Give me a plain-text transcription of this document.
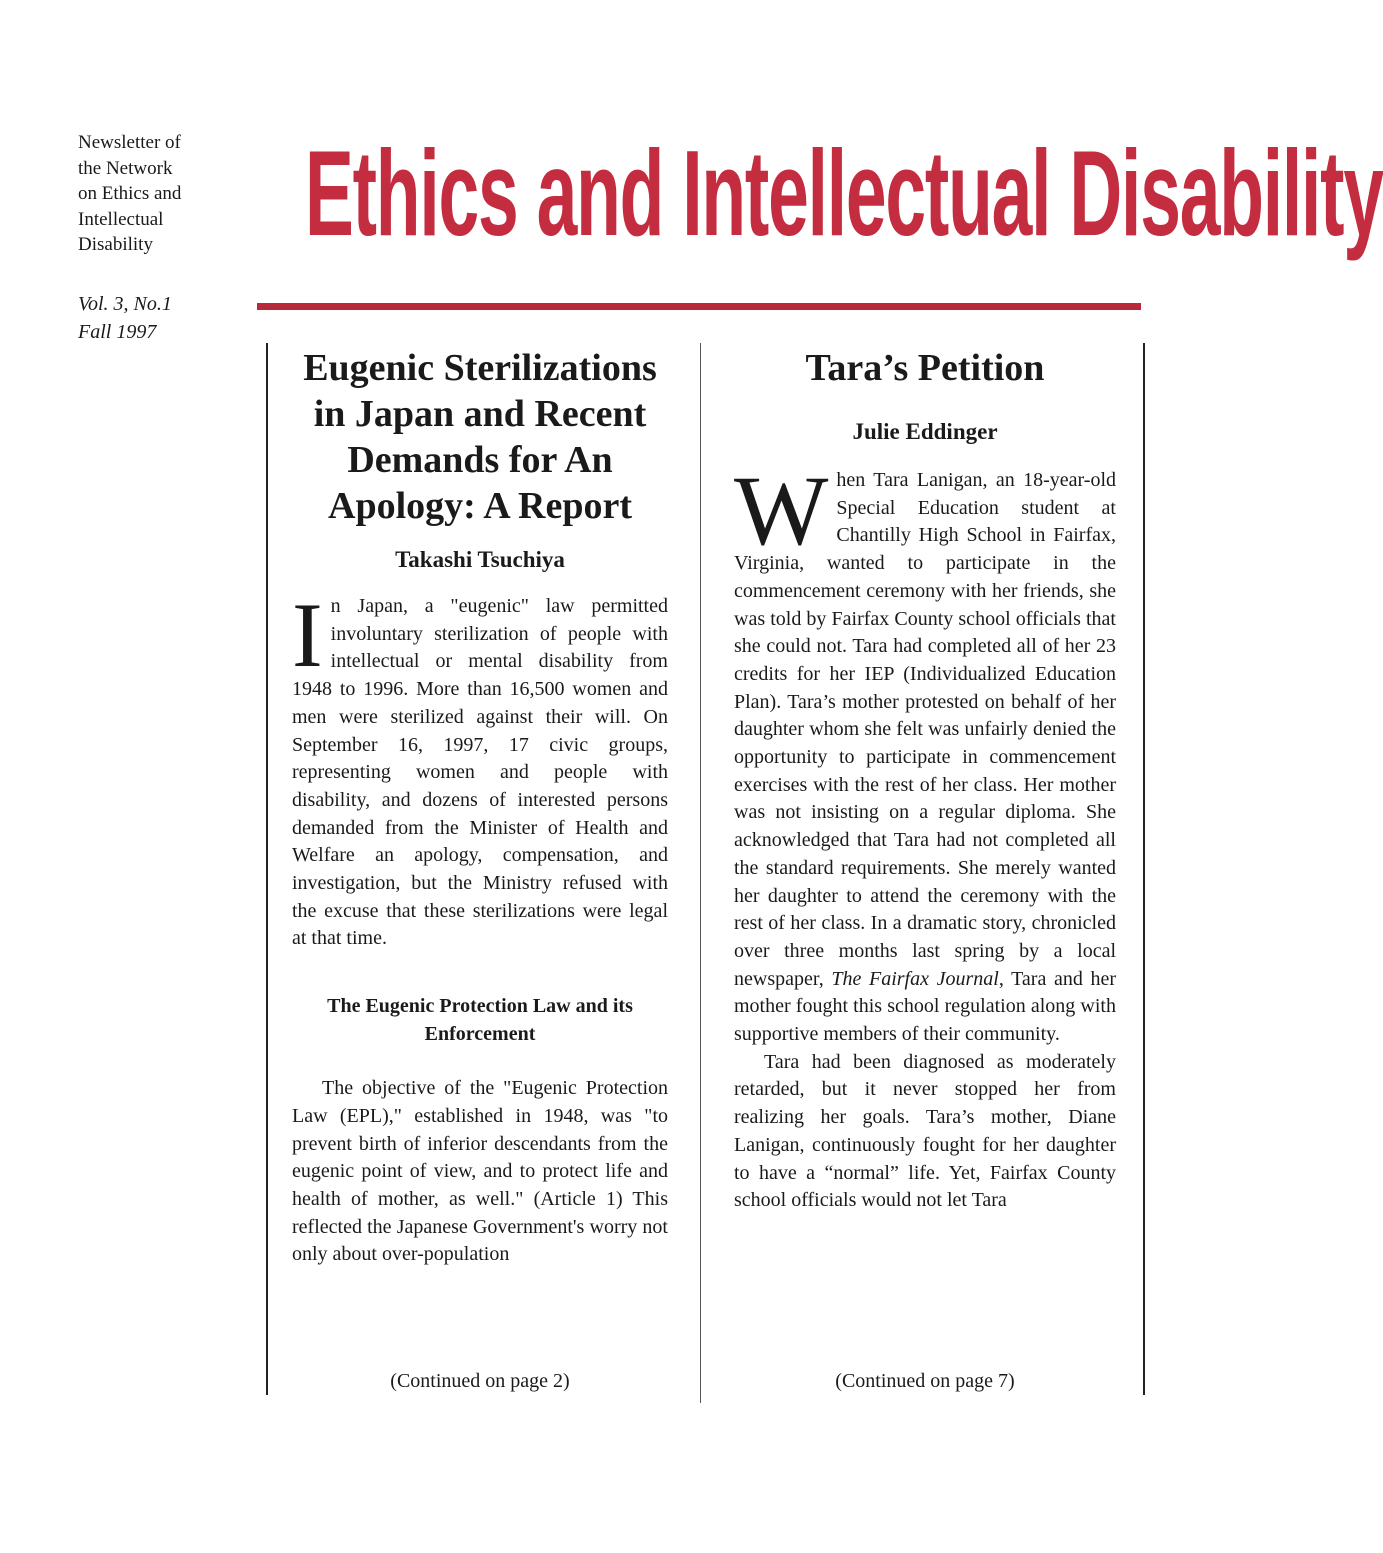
Newsletter of
the Network
on Ethics and
Intellectual
Disability
Vol. 3, No.1
Fall 1997
Ethics and Intellectual Disability
Eugenic Sterilizations
in Japan and Recent
Demands for An
Apology: A Report
Takashi Tsuchiya

In Japan, a "eugenic" law permitted involuntary sterilization of people with intellectual or mental disability from 1948 to 1996. More than 16,500 women and men were sterilized against their will. On September 16, 1997, 17 civic groups, representing women and people with disability, and dozens of interested persons demanded from the Minister of Health and Welfare an apology, compensation, and investigation, but the Ministry refused with the excuse that these sterilizations were legal at that time.

The Eugenic Protection Law and its Enforcement

The objective of the "Eugenic Protection Law (EPL)," established in 1948, was "to prevent birth of inferior descendants from the eugenic point of view, and to protect life and health of mother, as well." (Article 1) This reflected the Japanese Government's worry not only about over-population

(Continued on page 2)
Tara’s Petition
Julie Eddinger

When Tara Lanigan, an 18-year-old Special Education student at Chantilly High School in Fairfax, Virginia, wanted to participate in the commencement ceremony with her friends, she was told by Fairfax County school officials that she could not. Tara had completed all of her 23 credits for her IEP (Individualized Education Plan). Tara’s mother protested on behalf of her daughter whom she felt was unfairly denied the opportunity to participate in commencement exercises with the rest of her class. Her mother was not insisting on a regular diploma. She acknowledged that Tara had not completed all the standard requirements. She merely wanted her daughter to attend the ceremony with the rest of her class. In a dramatic story, chronicled over three months last spring by a local newspaper, The Fairfax Journal, Tara and her mother fought this school regulation along with supportive members of their community.

Tara had been diagnosed as moderately retarded, but it never stopped her from realizing her goals. Tara’s mother, Diane Lanigan, continuously fought for her daughter to have a “normal” life. Yet, Fairfax County school officials would not let Tara

(Continued on page 7)
